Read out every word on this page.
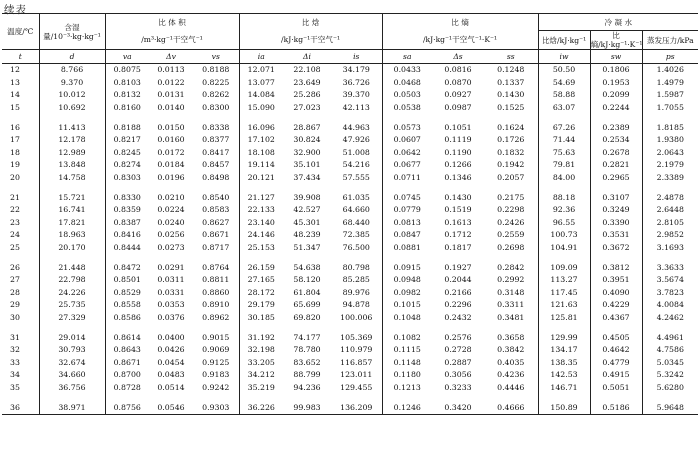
续表
温度/℃	含湿量/10⁻³·kg·kg⁻¹	比 体 积			比 焓			比 熵			冷 凝 水		
		/m³·kg⁻¹干空气⁻¹			/kJ·kg⁻¹干空气⁻¹			/kJ·kg⁻¹干空气⁻¹·K⁻¹			比焓/kJ·kg⁻¹	比熵/kJ·kg⁻¹·K⁻¹	蒸发压力/kPa

t	d	va	Δv	vs	ia	Δi	is	sa	Δs	ss	iw	sw	ps
12	8.766	0.8075	0.0113	0.8188	12.071	22.108	34.179	0.0433	0.0816	0.1248	50.50	0.1806	1.4026
13	9.370	0.8103	0.0122	0.8225	13.077	23.649	36.726	0.0468	0.0870	0.1337	54.69	0.1953	1.4979
14	10.012	0.8132	0.0131	0.8262	14.084	25.286	39.370	0.0503	0.0927	0.1430	58.88	0.2099	1.5987
15	10.692	0.8160	0.0140	0.8300	15.090	27.023	42.113	0.0538	0.0987	0.1525	63.07	0.2244	1.7055

16	11.413	0.8188	0.0150	0.8338	16.096	28.867	44.963	0.0573	0.1051	0.1624	67.26	0.2389	1.8185
17	12.178	0.8217	0.0160	0.8377	17.102	30.824	47.926	0.0607	0.1119	0.1726	71.44	0.2534	1.9380
18	12.989	0.8245	0.0172	0.8417	18.108	32.900	51.008	0.0642	0.1190	0.1832	75.63	0.2678	2.0643
19	13.848	0.8274	0.0184	0.8457	19.114	35.101	54.216	0.0677	0.1266	0.1942	79.81	0.2821	2.1979
20	14.758	0.8303	0.0196	0.8498	20.121	37.434	57.555	0.0711	0.1346	0.2057	84.00	0.2965	2.3389

21	15.721	0.8330	0.0210	0.8540	21.127	39.908	61.035	0.0745	0.1430	0.2175	88.18	0.3107	2.4878
22	16.741	0.8359	0.0224	0.8583	22.133	42.527	64.660	0.0779	0.1519	0.2298	92.36	0.3249	2.6448
23	17.821	0.8387	0.0240	0.8627	23.140	45.301	68.440	0.0813	0.1613	0.2426	96.55	0.3390	2.8105
24	18.963	0.8416	0.0256	0.8671	24.146	48.239	72.385	0.0847	0.1712	0.2559	100.73	0.3531	2.9852
25	20.170	0.8444	0.0273	0.8717	25.153	51.347	76.500	0.0881	0.1817	0.2698	104.91	0.3672	3.1693

26	21.448	0.8472	0.0291	0.8764	26.159	54.638	80.798	0.0915	0.1927	0.2842	109.09	0.3812	3.3633
27	22.798	0.8501	0.0311	0.8811	27.165	58.120	85.285	0.0948	0.2044	0.2992	113.27	0.3951	3.5674
28	24.226	0.8529	0.0331	0.8860	28.172	61.804	89.976	0.0982	0.2166	0.3148	117.45	0.4090	3.7823
29	25.735	0.8558	0.0353	0.8910	29.179	65.699	94.878	0.1015	0.2296	0.3311	121.63	0.4229	4.0084
30	27.329	0.8586	0.0376	0.8962	30.185	69.820	100.006	0.1048	0.2432	0.3481	125.81	0.4367	4.2462

31	29.014	0.8614	0.0400	0.9015	31.192	74.177	105.369	0.1082	0.2576	0.3658	129.99	0.4505	4.4961
32	30.793	0.8643	0.0426	0.9069	32.198	78.780	110.979	0.1115	0.2728	0.3842	134.17	0.4642	4.7586
33	32.674	0.8671	0.0454	0.9125	33.205	83.652	116.857	0.1148	0.2887	0.4035	138.35	0.4779	5.0345
34	34.660	0.8700	0.0483	0.9183	34.212	88.799	123.011	0.1180	0.3056	0.4236	142.53	0.4915	5.3242
35	36.756	0.8728	0.0514	0.9242	35.219	94.236	129.455	0.1213	0.3233	0.4446	146.71	0.5051	5.6280

36	38.971	0.8756	0.0546	0.9303	36.226	99.983	136.209	0.1246	0.3420	0.4666	150.89	0.5186	5.9648
